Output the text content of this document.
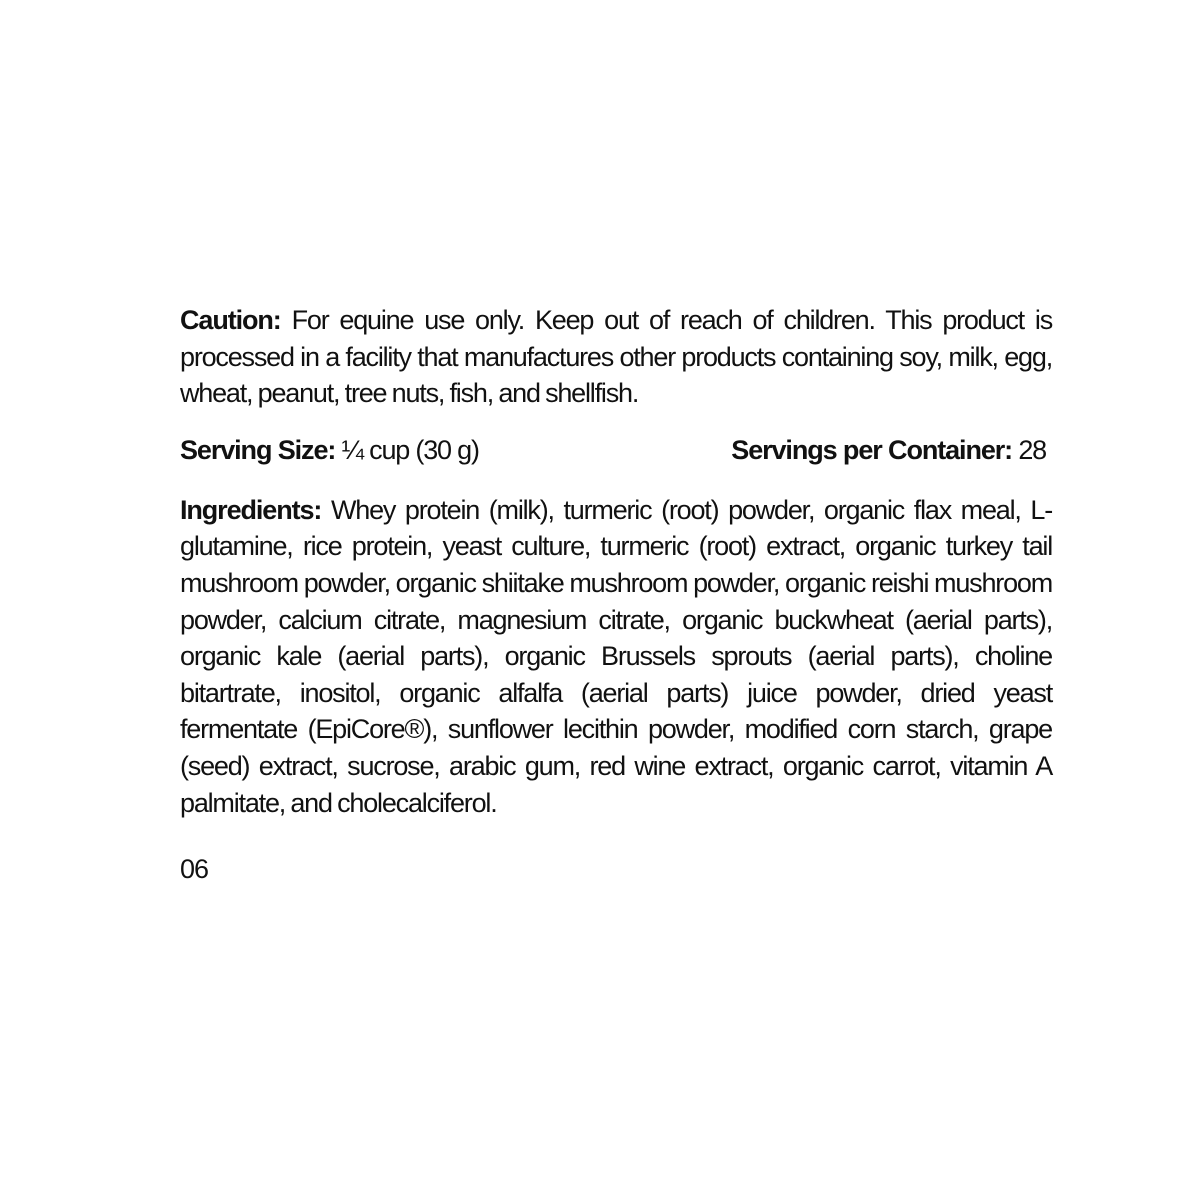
Caution: For equine use only. Keep out of reach of children. This product is processed in a facility that manufactures other products containing soy, milk, egg, wheat, peanut, tree nuts, fish, and shellfish.

Serving Size: ¼ cup (30 g)	Servings per Container: 28

Ingredients: Whey protein (milk), turmeric (root) powder, organic flax meal, L-glutamine, rice protein, yeast culture, turmeric (root) extract, organic turkey tail mushroom powder, organic shiitake mushroom powder, organic reishi mushroom powder, calcium citrate, magnesium citrate, organic buckwheat (aerial parts), organic kale (aerial parts), organic Brussels sprouts (aerial parts), choline bitartrate, inositol, organic alfalfa (aerial parts) juice powder, dried yeast fermentate (EpiCore®), sunflower lecithin powder, modified corn starch, grape (seed) extract, sucrose, arabic gum, red wine extract, organic carrot, vitamin A palmitate, and cholecalciferol.

06
